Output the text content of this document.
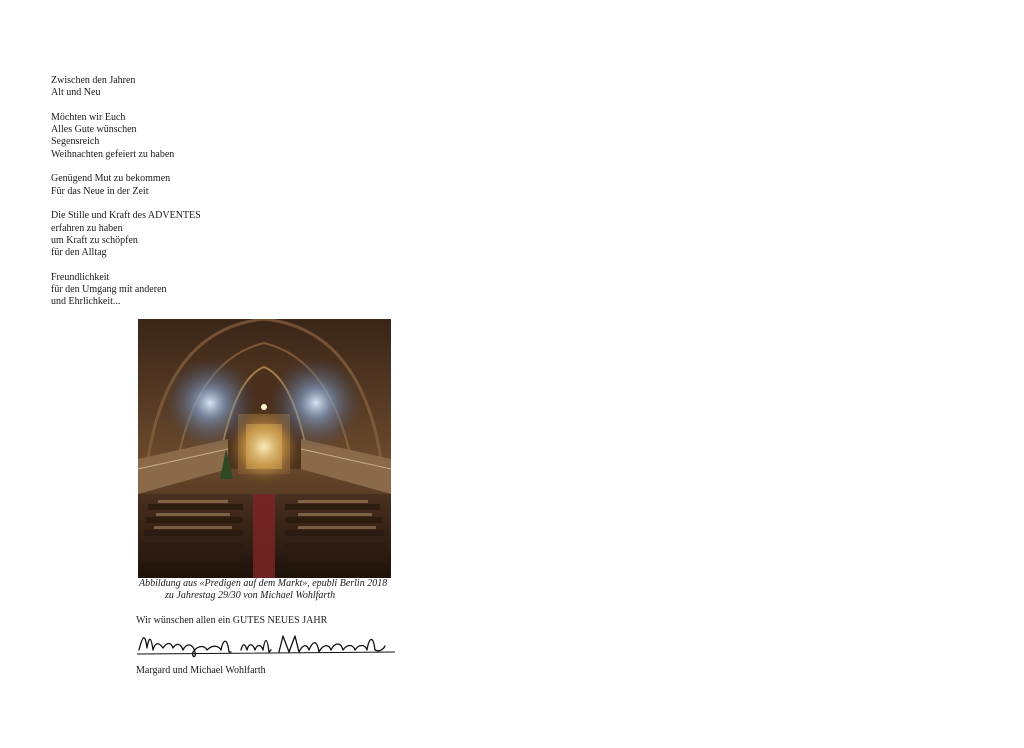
Zwischen den Jahren
Alt und Neu
Möchten wir Euch
Alles Gute wünschen
Segensreich
Weihnachten gefeiert zu haben
Genügend Mut zu bekommen
Für das Neue in der Zeit
Die Stille und Kraft des ADVENTES
erfahren zu haben
um Kraft zu schöpfen
für den Alltag
Freundlichkeit
für den Umgang mit anderen
und Ehrlichkeit...
Abbildung aus «Predigen auf dem Markt», epubli Berlin 2018
zu Jahrestag 29/30 von Michael Wohlfarth
Wir wünschen allen ein GUTES NEUES JAHR
Margard und Michael Wohlfarth
